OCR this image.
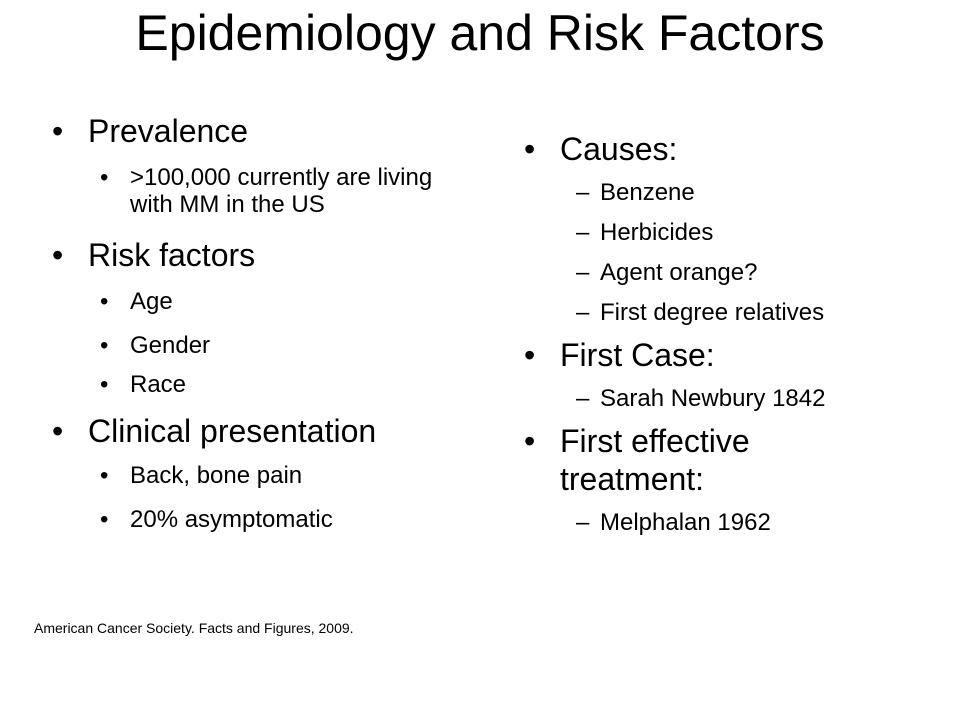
Epidemiology and Risk Factors
• Prevalence
• >100,000 currently are living with MM in the US
• Risk factors
• Age
• Gender
• Race
• Clinical presentation
• Back, bone pain
• 20% asymptomatic
• Causes:
– Benzene
– Herbicides
– Agent orange?
– First degree relatives
• First Case:
– Sarah Newbury 1842
• First effective treatment:
– Melphalan 1962
American Cancer Society. Facts and Figures, 2009.
